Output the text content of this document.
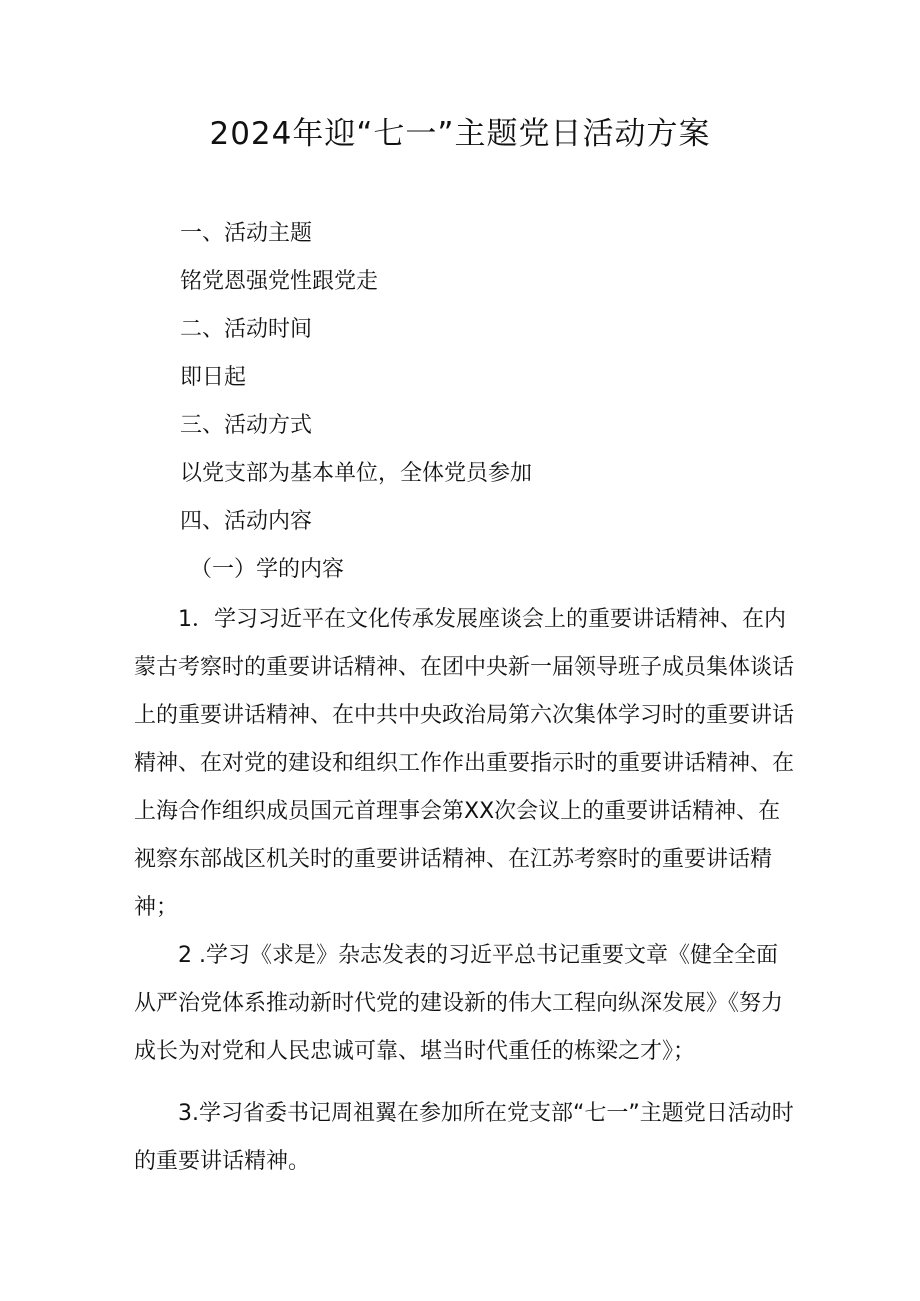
2024年迎“七一”主题党日活动方案
一、活动主题
铭党恩强党性跟党走
二、活动时间
即日起
三、活动方式
以党支部为基本单位，全体党员参加
四、活动内容
（一）学的内容
1．学习习近平在文化传承发展座谈会上的重要讲话精神、在内蒙古考察时的重要讲话精神、在团中央新一届领导班子成员集体谈话上的重要讲话精神、在中共中央政治局第六次集体学习时的重要讲话精神、在对党的建设和组织工作作出重要指示时的重要讲话精神、在上海合作组织成员国元首理事会第XX次会议上的重要讲话精神、在视察东部战区机关时的重要讲话精神、在江苏考察时的重要讲话精神；
2 .学习《求是》杂志发表的习近平总书记重要文章《健全全面从严治党体系推动新时代党的建设新的伟大工程向纵深发展》《努力成长为对党和人民忠诚可靠、堪当时代重任的栋梁之才》；
3.学习省委书记周祖翼在参加所在党支部“七一”主题党日活动时的重要讲话精神。
